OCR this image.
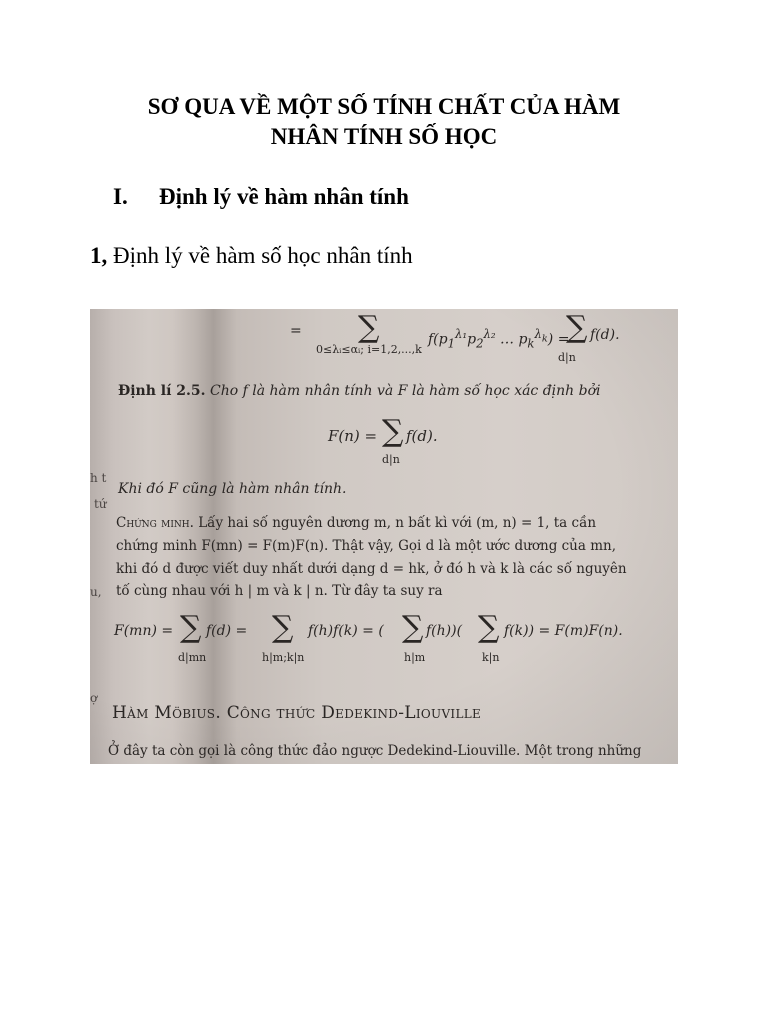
SƠ QUA VỀ MỘT SỐ TÍNH CHẤT CỦA HÀM
NHÂN TÍNH SỐ HỌC
I. Định lý về hàm nhân tính
1, Định lý về hàm số học nhân tính
= ∑	$f(p_1^{\lambda_1}p_2^{\lambda_2}$ … $p_k^{\lambda_k}$) =
∑ f(d).
0≤λᵢ≤αᵢ; i=1,2,...,k
d|n
Định lí 2.5. Cho f là hàm nhân tính và F là hàm số học xác định bởi
F(n) = ∑ f(d).
d|n
h t
tứ
Khi đó F cũng là hàm nhân tính.
Chứng minh. Lấy hai số nguyên dương m, n bất kì với (m, n) = 1, ta cần
chứng minh F(mn) = F(m)F(n). Thật vậy, Gọi d là một ước dương của mn,
khi đó d được viết duy nhất dưới dạng d = hk, ở đó h và k là các số nguyên
u, tố cùng nhau với h | m và k | n. Từ đây ta suy ra
F(mn) = ∑ f(d) = ∑ f(h)f(k) = ( ∑ f(h))( ∑ f(k)) = F(m)F(n).
d|mn	h|m;k|n	h|m	k|n
ợ
Hàm Möbius. Công thức Dedekind-Liouville
Ở đây ta còn gọi là công thức đảo ngược Dedekind-Liouville. Một trong những
